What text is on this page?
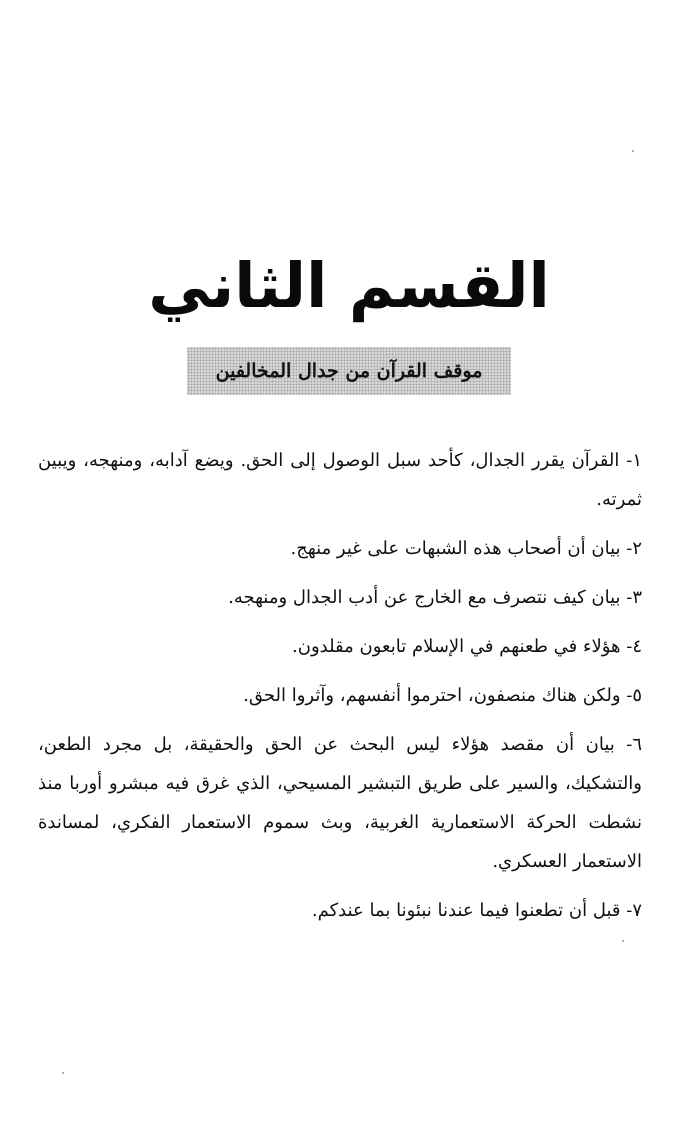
القسم الثاني
موقف القرآن من جدال المخالفين
١- القرآن يقرر الجدال، كأحد سبل الوصول إلى الحق. ويضع آدابه، ومنهجه، ويبين ثمرته.
٢- بيان أن أصحاب هذه الشبهات على غير منهج.
٣- بيان كيف نتصرف مع الخارج عن أدب الجدال ومنهجه.
٤- هؤلاء في طعنهم في الإسلام تابعون مقلدون.
٥- ولكن هناك منصفون، احترموا أنفسهم، وآثروا الحق.
٦- بيان أن مقصد هؤلاء ليس البحث عن الحق والحقيقة، بل مجرد الطعن، والتشكيك، والسير على طريق التبشير المسيحي، الذي غرق فيه مبشرو أوربا منذ نشطت الحركة الاستعمارية الغربية، وبث سموم الاستعمار الفكري، لمساندة الاستعمار العسكري.
٧- قبل أن تطعنوا فيما عندنا نبئونا بما عندكم.
